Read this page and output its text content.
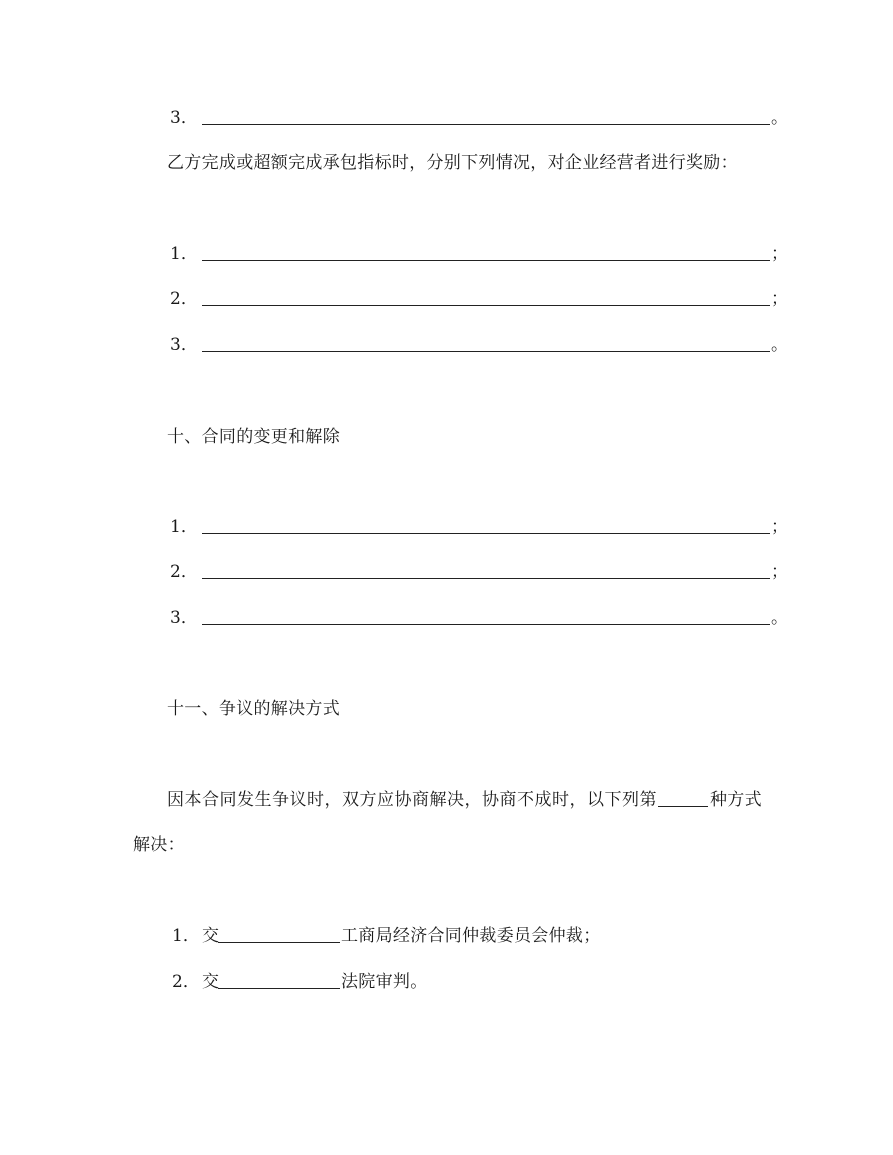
3．	。
乙方完成或超额完成承包指标时，分别下列情况，对企业经营者进行奖励：
1．	；
2．	；
3．	。
十、合同的变更和解除
1．	；
2．	；
3．	。
十一、争议的解决方式
因本合同发生争议时，双方应协商解决，协商不成时，以下列第	种方式
解决：
1． 交	工商局经济合同仲裁委员会仲裁；
2． 交	法院审判。
